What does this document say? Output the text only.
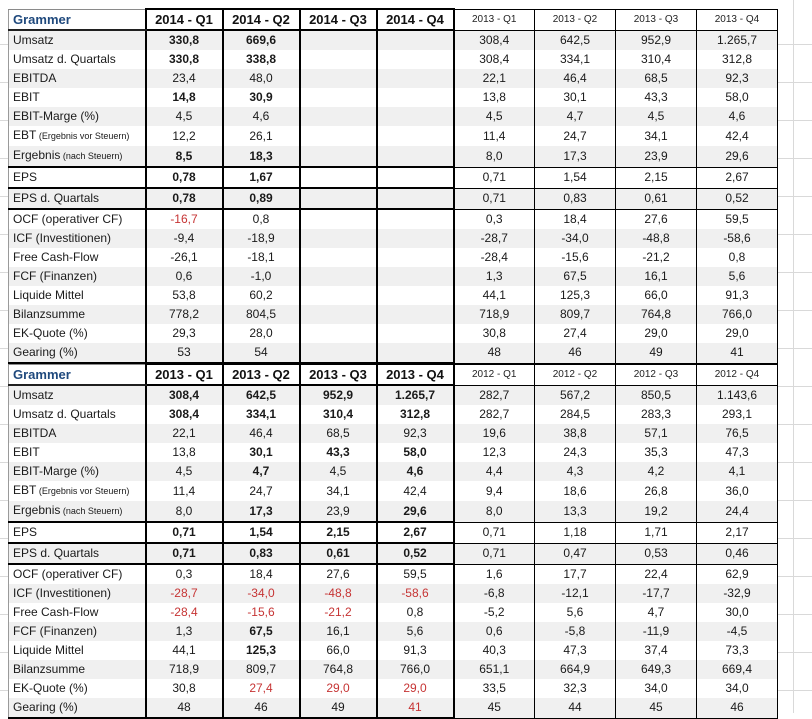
Grammer	2014 - Q1	2014 - Q2	2014 - Q3	2014 - Q4	2013 - Q1	2013 - Q2	2013 - Q3	2013 - Q4
Umsatz	330,8	669,6			308,4	642,5	952,9	1.265,7
Umsatz d. Quartals	330,8	338,8			308,4	334,1	310,4	312,8
EBITDA	23,4	48,0			22,1	46,4	68,5	92,3
EBIT	14,8	30,9			13,8	30,1	43,3	58,0
EBIT-Marge (%)	4,5	4,6			4,5	4,7	4,5	4,6
EBT (Ergebnis vor Steuern)	12,2	26,1			11,4	24,7	34,1	42,4
Ergebnis (nach Steuern)	8,5	18,3			8,0	17,3	23,9	29,6
EPS	0,78	1,67			0,71	1,54	2,15	2,67
EPS d. Quartals	0,78	0,89			0,71	0,83	0,61	0,52
OCF (operativer CF)	-16,7	0,8			0,3	18,4	27,6	59,5
ICF (Investitionen)	-9,4	-18,9			-28,7	-34,0	-48,8	-58,6
Free Cash-Flow	-26,1	-18,1			-28,4	-15,6	-21,2	0,8
FCF (Finanzen)	0,6	-1,0			1,3	67,5	16,1	5,6
Liquide Mittel	53,8	60,2			44,1	125,3	66,0	91,3
Bilanzsumme	778,2	804,5			718,9	809,7	764,8	766,0
EK-Quote (%)	29,3	28,0			30,8	27,4	29,0	29,0
Gearing (%)	53	54			48	46	49	41
Grammer	2013 - Q1	2013 - Q2	2013 - Q3	2013 - Q4	2012 - Q1	2012 - Q2	2012 - Q3	2012 - Q4
Umsatz	308,4	642,5	952,9	1.265,7	282,7	567,2	850,5	1.143,6
Umsatz d. Quartals	308,4	334,1	310,4	312,8	282,7	284,5	283,3	293,1
EBITDA	22,1	46,4	68,5	92,3	19,6	38,8	57,1	76,5
EBIT	13,8	30,1	43,3	58,0	12,3	24,3	35,3	47,3
EBIT-Marge (%)	4,5	4,7	4,5	4,6	4,4	4,3	4,2	4,1
EBT (Ergebnis vor Steuern)	11,4	24,7	34,1	42,4	9,4	18,6	26,8	36,0
Ergebnis (nach Steuern)	8,0	17,3	23,9	29,6	8,0	13,3	19,2	24,4
EPS	0,71	1,54	2,15	2,67	0,71	1,18	1,71	2,17
EPS d. Quartals	0,71	0,83	0,61	0,52	0,71	0,47	0,53	0,46
OCF (operativer CF)	0,3	18,4	27,6	59,5	1,6	17,7	22,4	62,9
ICF (Investitionen)	-28,7	-34,0	-48,8	-58,6	-6,8	-12,1	-17,7	-32,9
Free Cash-Flow	-28,4	-15,6	-21,2	0,8	-5,2	5,6	4,7	30,0
FCF (Finanzen)	1,3	67,5	16,1	5,6	0,6	-5,8	-11,9	-4,5
Liquide Mittel	44,1	125,3	66,0	91,3	40,3	47,3	37,4	73,3
Bilanzsumme	718,9	809,7	764,8	766,0	651,1	664,9	649,3	669,4
EK-Quote (%)	30,8	27,4	29,0	29,0	33,5	32,3	34,0	34,0
Gearing (%)	48	46	49	41	45	44	45	46
